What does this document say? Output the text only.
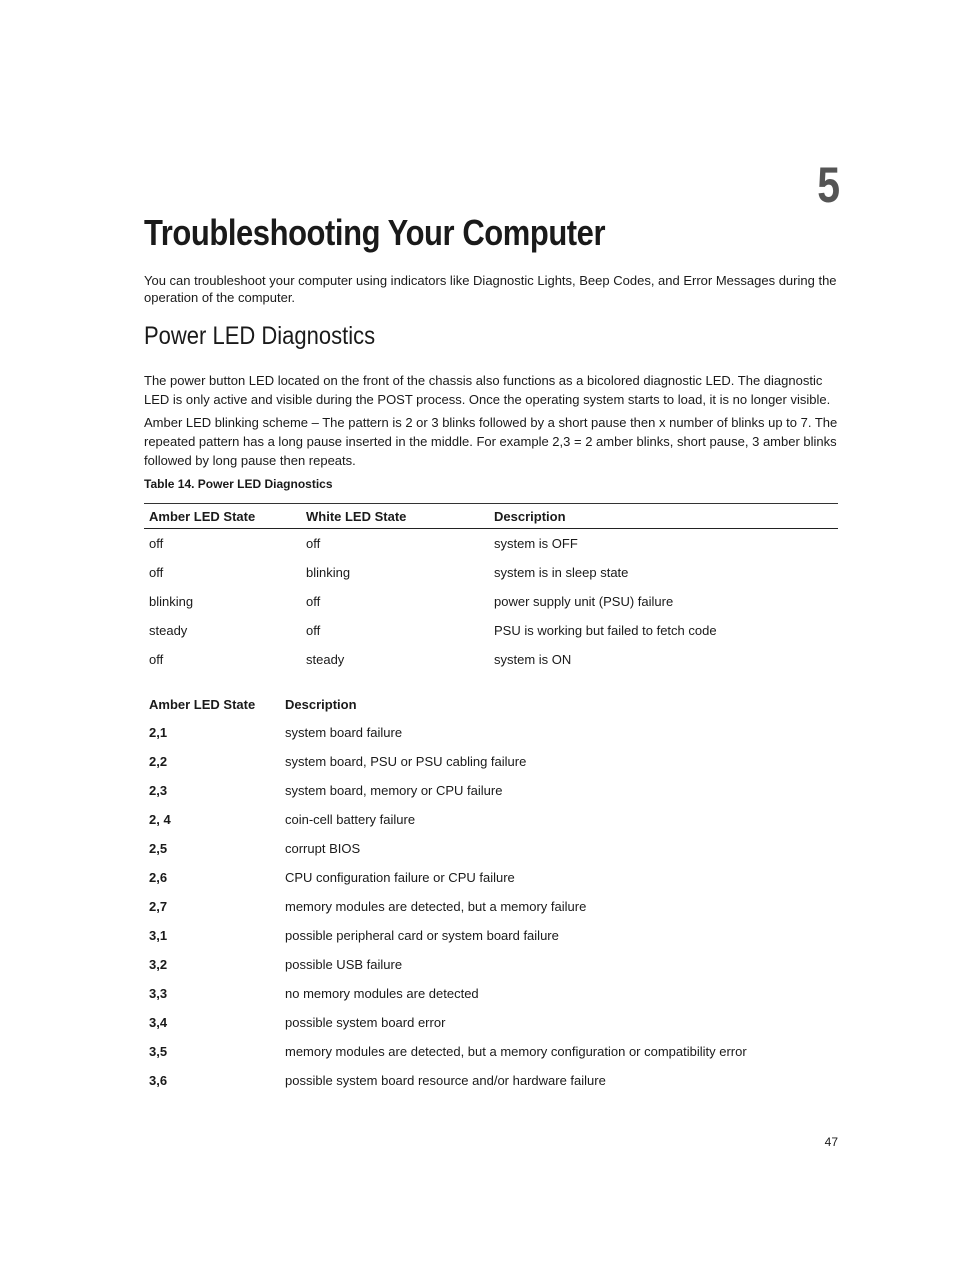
5
Troubleshooting Your Computer

You can troubleshoot your computer using indicators like Diagnostic Lights, Beep Codes, and Error Messages during the operation of the computer.

Power LED Diagnostics

The power button LED located on the front of the chassis also functions as a bicolored diagnostic LED. The diagnostic LED is only active and visible during the POST process. Once the operating system starts to load, it is no longer visible.

Amber LED blinking scheme – The pattern is 2 or 3 blinks followed by a short pause then x number of blinks up to 7. The repeated pattern has a long pause inserted in the middle. For example 2,3 = 2 amber blinks, short pause, 3 amber blinks followed by long pause then repeats.

Table 14. Power LED Diagnostics

Amber LED State	White LED State	Description
off	off	system is OFF
off	blinking	system is in sleep state
blinking	off	power supply unit (PSU) failure
steady	off	PSU is working but failed to fetch code
off	steady	system is ON
Amber LED State	Description
2,1	system board failure
2,2	system board, PSU or PSU cabling failure
2,3	system board, memory or CPU failure
2, 4	coin-cell battery failure
2,5	corrupt BIOS
2,6	CPU configuration failure or CPU failure
2,7	memory modules are detected, but a memory failure
3,1	possible peripheral card or system board failure
3,2	possible USB failure
3,3	no memory modules are detected
3,4	possible system board error
3,5	memory modules are detected, but a memory configuration or compatibility error
3,6	possible system board resource and/or hardware failure
47
